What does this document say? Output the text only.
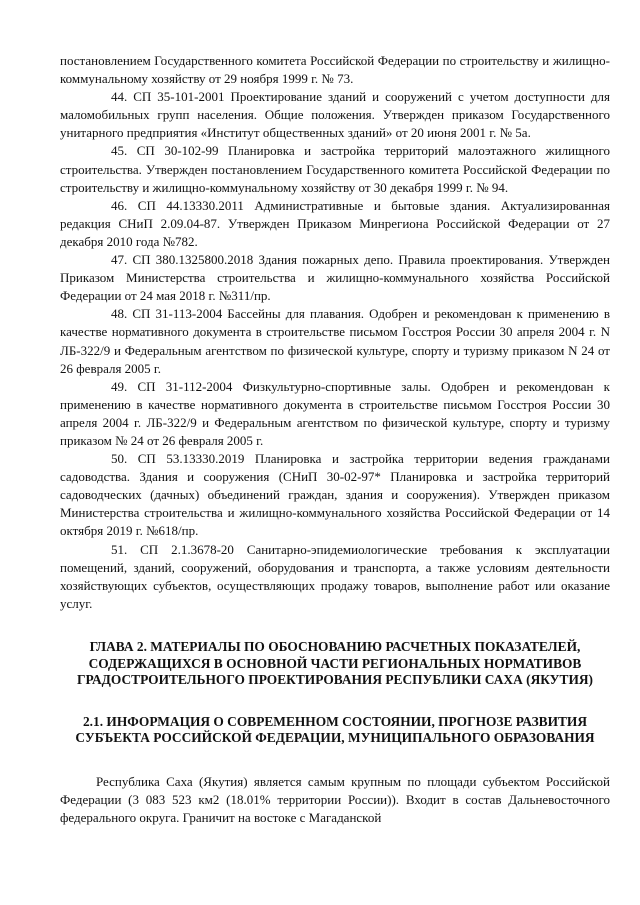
постановлением Государственного комитета Российской Федерации по строительству и жилищно-коммунальному хозяйству от 29 ноября 1999 г. № 73.

44. СП 35-101-2001 Проектирование зданий и сооружений с учетом доступности для маломобильных групп населения. Общие положения. Утвержден приказом Государственного унитарного предприятия «Институт общественных зданий» от 20 июня 2001 г. № 5а.

45. СП 30-102-99 Планировка и застройка территорий малоэтажного жилищного строительства. Утвержден постановлением Государственного комитета Российской Федерации по строительству и жилищно-коммунальному хозяйству от 30 декабря 1999 г. № 94.

46. СП 44.13330.2011 Административные и бытовые здания. Актуализированная редакция СНиП 2.09.04-87. Утвержден Приказом Минрегиона Российской Федерации от 27 декабря 2010 года №782.

47. СП 380.1325800.2018 Здания пожарных депо. Правила проектирования. Утвержден Приказом Министерства строительства и жилищно-коммунального хозяйства Российской Федерации от 24 мая 2018 г. №311/пр.

48. СП 31-113-2004 Бассейны для плавания. Одобрен и рекомендован к применению в качестве нормативного документа в строительстве письмом Госстроя России 30 апреля 2004 г. N ЛБ-322/9 и Федеральным агентством по физической культуре, спорту и туризму приказом N 24 от 26 февраля 2005 г.

49. СП 31-112-2004 Физкультурно-спортивные залы. Одобрен и рекомендован к применению в качестве нормативного документа в строительстве письмом Госстроя России 30 апреля 2004 г. ЛБ-322/9 и Федеральным агентством по физической культуре, спорту и туризму приказом № 24 от 26 февраля 2005 г.

50. СП 53.13330.2019 Планировка и застройка территории ведения гражданами садоводства. Здания и сооружения (СНиП 30-02-97* Планировка и застройка территорий садоводческих (дачных) объединений граждан, здания и сооружения). Утвержден приказом Министерства строительства и жилищно-коммунального хозяйства Российской Федерации от 14 октября 2019 г. №618/пр.

51. СП 2.1.3678-20 Санитарно-эпидемиологические требования к эксплуатации помещений, зданий, сооружений, оборудования и транспорта, а также условиям деятельности хозяйствующих субъектов, осуществляющих продажу товаров, выполнение работ или оказание услуг.

ГЛАВА 2. МАТЕРИАЛЫ ПО ОБОСНОВАНИЮ РАСЧЕТНЫХ ПОКАЗАТЕЛЕЙ, СОДЕРЖАЩИХСЯ В ОСНОВНОЙ ЧАСТИ РЕГИОНАЛЬНЫХ НОРМАТИВОВ ГРАДОСТРОИТЕЛЬНОГО ПРОЕКТИРОВАНИЯ РЕСПУБЛИКИ САХА (ЯКУТИЯ)
2.1. ИНФОРМАЦИЯ О СОВРЕМЕННОМ СОСТОЯНИИ, ПРОГНОЗЕ РАЗВИТИЯ СУБЪЕКТА РОССИЙСКОЙ ФЕДЕРАЦИИ, МУНИЦИПАЛЬНОГО ОБРАЗОВАНИЯ

Республика Саха (Якутия) является самым крупным по площади субъектом Российской Федерации (3 083 523 км2 (18.01% территории России)). Входит в состав Дальневосточного федерального округа. Граничит на востоке с Магаданской
